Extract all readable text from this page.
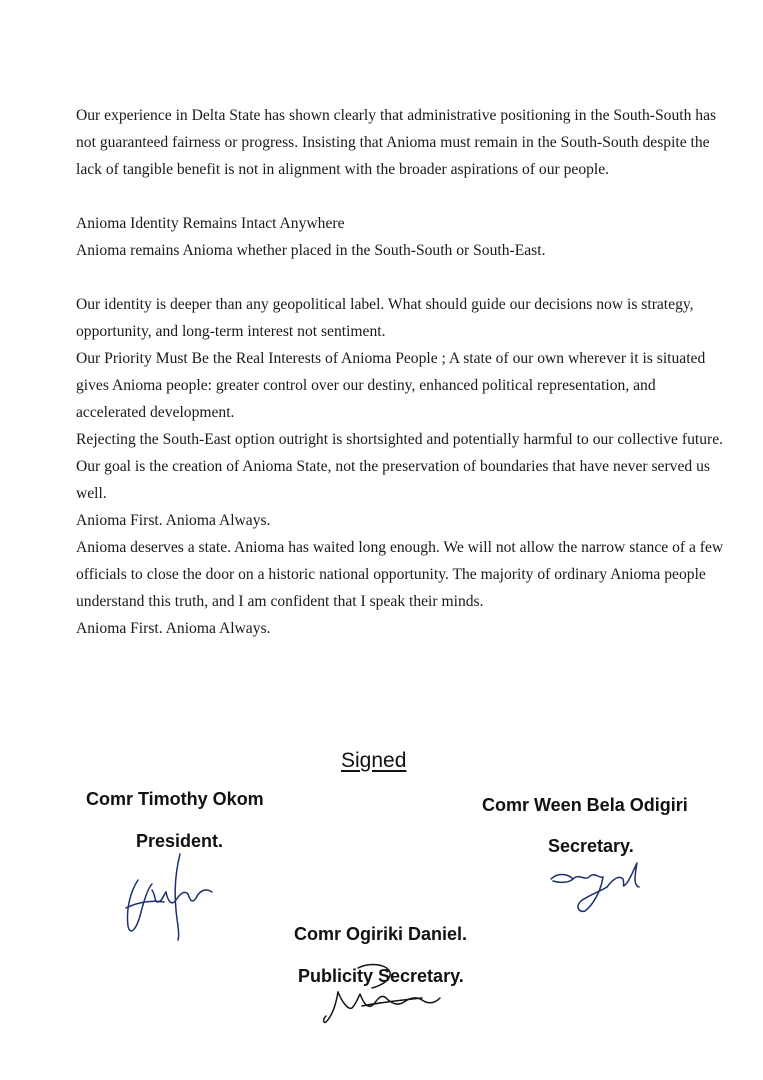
Our experience in Delta State has shown clearly that administrative positioning in the South-South has not guaranteed fairness or progress. Insisting that Anioma must remain in the South-South despite the lack of tangible benefit is not in alignment with the broader aspirations of our people.

Anioma Identity Remains Intact Anywhere

Anioma remains Anioma whether placed in the South-South or South-East.

Our identity is deeper than any geopolitical label. What should guide our decisions now is strategy, opportunity, and long-term interest not sentiment.

Our Priority Must Be the Real Interests of Anioma People ; A state of our own wherever it is situated gives Anioma people: greater control over our destiny, enhanced political representation, and accelerated development.

Rejecting the South-East option outright is shortsighted and potentially harmful to our collective future. Our goal is the creation of Anioma State, not the preservation of boundaries that have never served us well.

Anioma First. Anioma Always.

Anioma deserves a state. Anioma has waited long enough. We will not allow the narrow stance of a few officials to close the door on a historic national opportunity. The majority of ordinary Anioma people understand this truth, and I am confident that I speak their minds.

Anioma First. Anioma Always.

Signed
Comr Timothy Okom
President.
Comr Ween Bela Odigiri
Secretary.
Comr Ogiriki Daniel.
Publicity Secretary.
